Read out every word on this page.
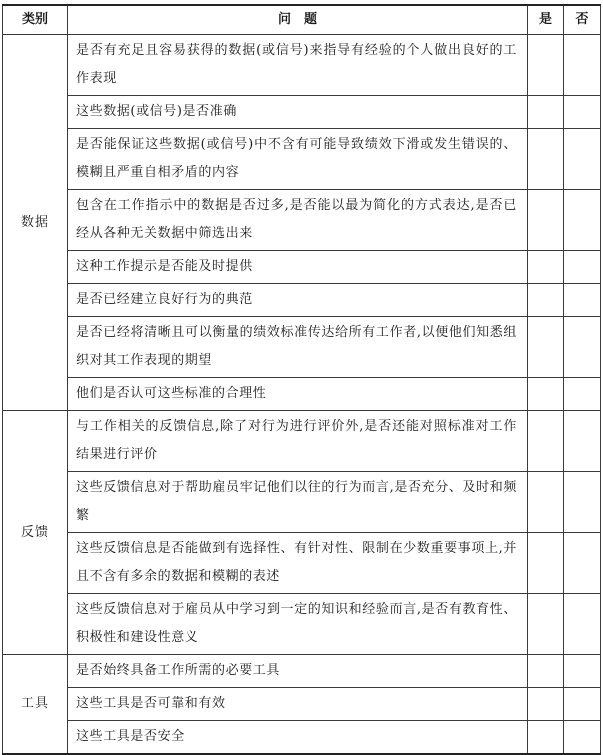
类别	问　题	是	否
数据	是否有充足且容易获得的数据(或信号)来指导有经验的个人做出良好的工作表现		
	这些数据(或信号)是否准确		
	是否能保证这些数据(或信号)中不含有可能导致绩效下滑或发生错误的、模糊且严重自相矛盾的内容		
	包含在工作指示中的数据是否过多,是否能以最为简化的方式表达,是否已经从各种无关数据中筛选出来		
	这种工作提示是否能及时提供		
	是否已经建立良好行为的典范		
	是否已经将清晰且可以衡量的绩效标准传达给所有工作者,以便他们知悉组织对其工作表现的期望		
	他们是否认可这些标准的合理性		
反馈	与工作相关的反馈信息,除了对行为进行评价外,是否还能对照标准对工作结果进行评价		
	这些反馈信息对于帮助雇员牢记他们以往的行为而言,是否充分、及时和频繁		
	这些反馈信息是否能做到有选择性、有针对性、限制在少数重要事项上,并且不含有多余的数据和模糊的表述		
	这些反馈信息对于雇员从中学习到一定的知识和经验而言,是否有教育性、积极性和建设性意义		
工具	是否始终具备工作所需的必要工具		
	这些工具是否可靠和有效		
	这些工具是否安全		
